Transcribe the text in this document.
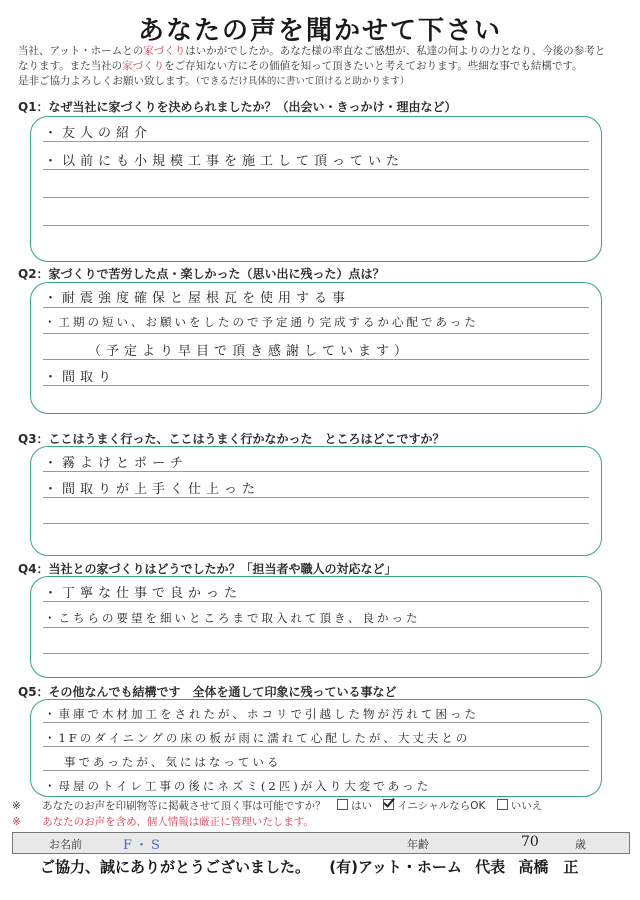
あなたの声を聞かせて下さい
当社、アット・ホームとの家づくりはいかがでしたか。あなた様の率直なご感想が、私達の何よりの力となり、今後の参考と
なります。また当社の家づくりをご存知ない方にその価値を知って頂きたいと考えております。些細な事でも結構です。
是非ご協力よろしくお願い致します。（できるだけ具体的に書いて頂けると助かります）
Q1：なぜ当社に家づくりを決められましたか？（出会い・きっかけ・理由など）
・友人の紹介
・以前にも小規模工事を施工して頂っていた
Q2：家づくりで苦労した点・楽しかった（思い出に残った）点は？
・耐震強度確保と屋根瓦を使用する事
・工期の短い、お願いをしたので予定通り完成するか心配であった
（予定より早目で頂き感謝しています）
・間取り
Q3：ここはうまく行った、ここはうまく行かなかった　ところはどこですか？
・霧よけとポーチ
・間取りが上手く仕上った
Q4：当社との家づくりはどうでしたか？「担当者や職人の対応など」
・丁寧な仕事で良かった
・こちらの要望を細いところまで取入れて頂き、良かった
Q5：その他なんでも結構です　全体を通して印象に残っている事など
・車庫で木材加工をされたが、ホコリで引越した物が汚れて困った
・1Fのダイニングの床の板が雨に濡れて心配したが、大丈夫との
事であったが、気にはなっている
・母屋のトイレ工事の後にネズミ(2匹)が入り大変であった
※ あなたのお声を印刷物等に掲載させて頂く事は可能ですか？ はい イニシャルならOK いいえ
※ あなたのお声を含め、個人情報は厳正に管理いたします。
お名前	F・S	年齢	70	歳
ご協力、誠にありがとうございました。 (有)アット・ホーム 代表 高橋　正
